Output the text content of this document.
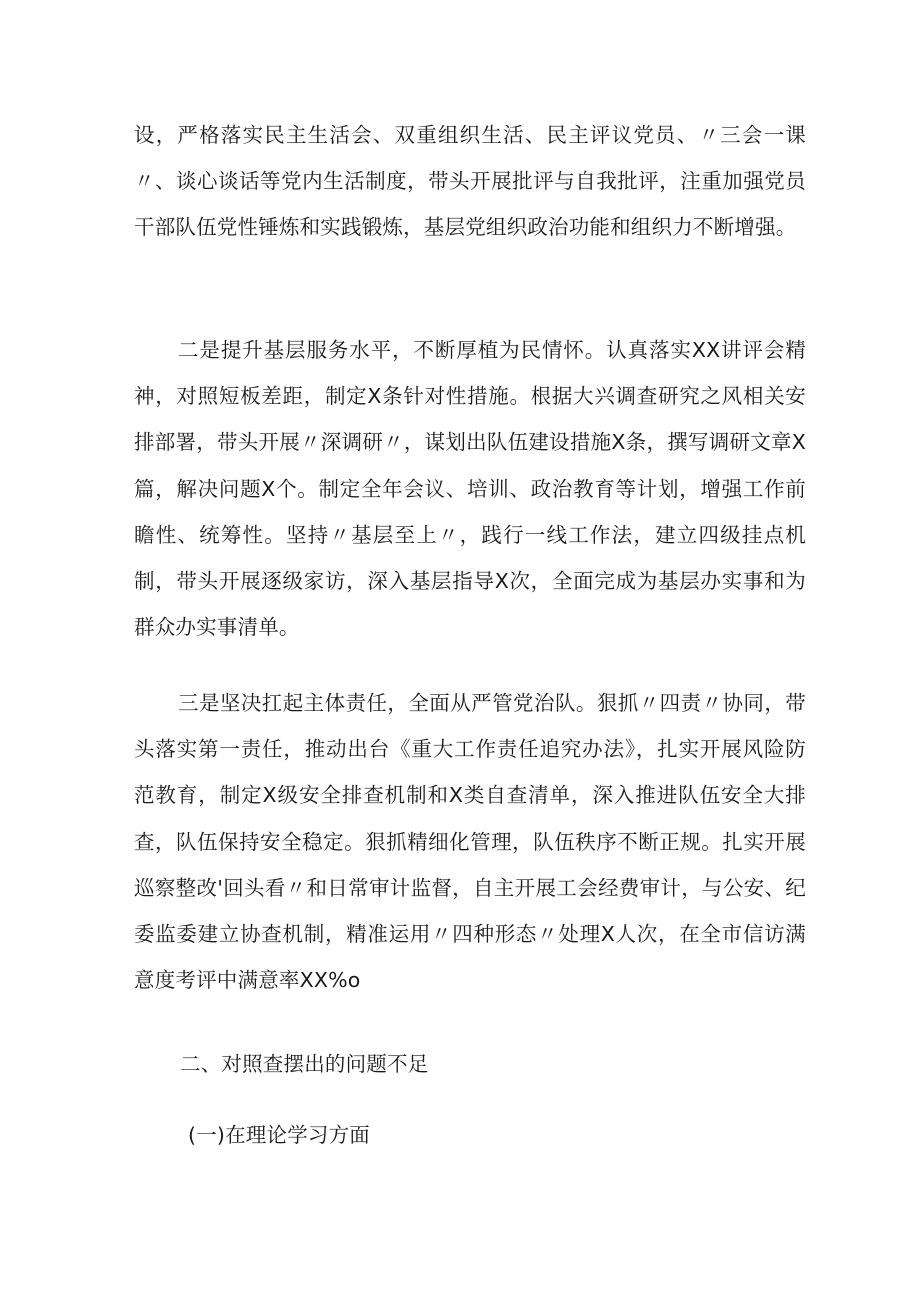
设，严格落实民主生活会、双重组织生活、民主评议党员、〃三会一课〃、谈心谈话等党内生活制度，带头开展批评与自我批评，注重加强党员干部队伍党性锤炼和实践锻炼，基层党组织政治功能和组织力不断增强。

二是提升基层服务水平，不断厚植为民情怀。认真落实XX讲评会精神，对照短板差距，制定X条针对性措施。根据大兴调查研究之风相关安排部署，带头开展〃深调研〃，谋划出队伍建设措施X条，撰写调研文章X篇，解决问题X个。制定全年会议、培训、政治教育等计划，增强工作前瞻性、统筹性。坚持〃基层至上〃，践行一线工作法，建立四级挂点机制，带头开展逐级家访，深入基层指导X次，全面完成为基层办实事和为群众办实事清单。

三是坚决扛起主体责任，全面从严管党治队。狠抓〃四责〃协同，带头落实第一责任，推动出台《重大工作责任追究办法》，扎实开展风险防范教育，制定X级安全排查机制和X类自查清单，深入推进队伍安全大排查，队伍保持安全稳定。狠抓精细化管理，队伍秩序不断正规。扎实开展巡察整改'回头看〃和日常审计监督，自主开展工会经费审计，与公安、纪委监委建立协查机制，精准运用〃四种形态〃处理X人次，在全市信访满意度考评中满意率XX%o

二、对照查摆出的问题不足

(一)在理论学习方面
